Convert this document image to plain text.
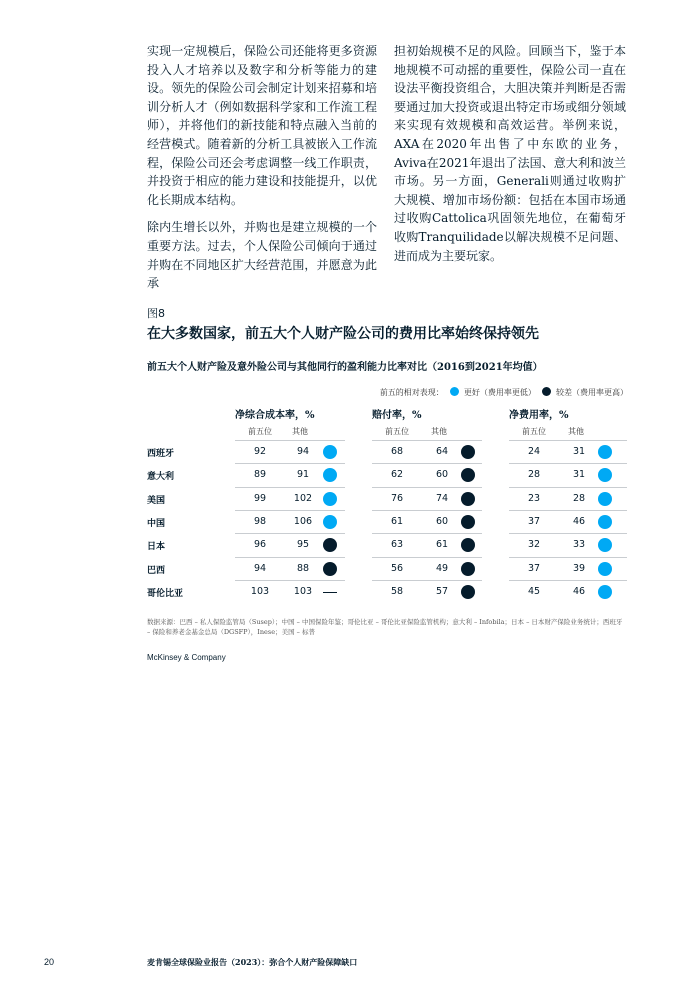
实现一定规模后，保险公司还能将更多资源投入人才培养以及数字和分析等能力的建设。领先的保险公司会制定计划来招募和培训分析人才（例如数据科学家和工作流工程师），并将他们的新技能和特点融入当前的经营模式。随着新的分析工具被嵌入工作流程，保险公司还会考虑调整一线工作职责，并投资于相应的能力建设和技能提升，以优化长期成本结构。

除内生增长以外，并购也是建立规模的一个重要方法。过去，个人保险公司倾向于通过并购在不同地区扩大经营范围，并愿意为此承

担初始规模不足的风险。回顾当下，鉴于本地规模不可动摇的重要性，保险公司一直在设法平衡投资组合，大胆决策并判断是否需要通过加大投资或退出特定市场或细分领域来实现有效规模和高效运营。举例来说，AXA在2020年出售了中东欧的业务，Aviva在2021年退出了法国、意大利和波兰市场。另一方面，Generali则通过收购扩大规模、增加市场份额：包括在本国市场通过收购Cattolica巩固领先地位，在葡萄牙收购Tranquilidade以解决规模不足问题、进而成为主要玩家。

图8
在大多数国家，前五大个人财产险公司的费用比率始终保持领先
前五大个人财产险及意外险公司与其他同行的盈利能力比率对比（2016到2021年均值）
前五的相对表现：	更好（费用率更低）	较差（费用率更高）
净综合成本率，%
前五位	其他
赔付率，%
前五位	其他
净费用率，%
前五位	其他
西班牙	92	94	68	64	24	31
意大利	89	91	62	60	28	31
美国	99	102	76	74	23	28
中国	98	106	61	60	37	46
日本	96	95	63	61	32	33
巴西	94	88	56	49	37	39
哥伦比亚	103	103	58	57	45	46
数据来源：巴西 – 私人保险监管局（Susep）；中国 – 中国保险年鉴；哥伦比亚 – 哥伦比亚保险监管机构；意大利 – Infobila；日本 – 日本财产保险业务统计；西班牙 – 保险和养老金基金总局（DGSFP），Inese；美国 – 标普
McKinsey & Company
20	麦肯锡全球保险业报告（2023）：弥合个人财产险保障缺口
